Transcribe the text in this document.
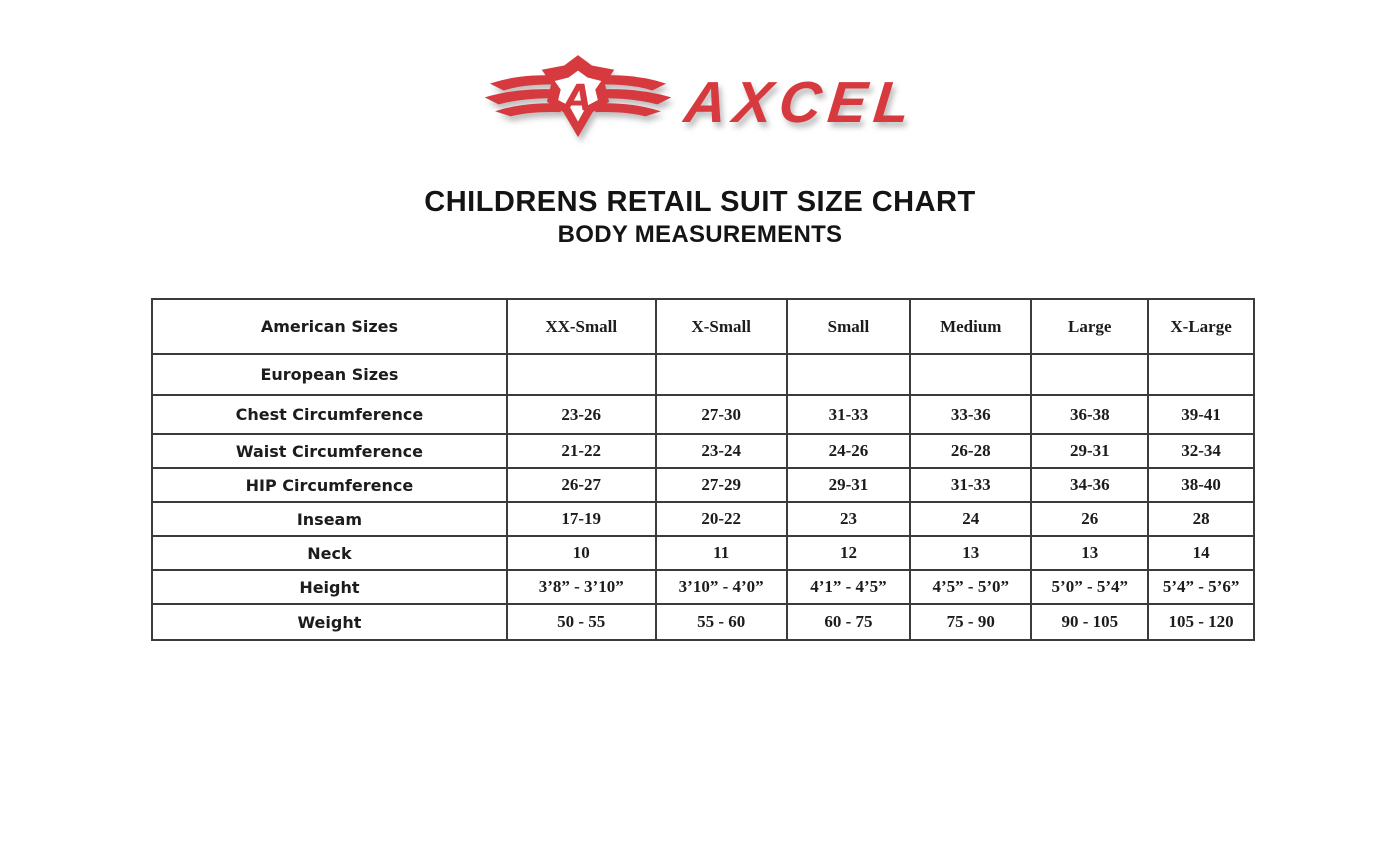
A AXCEL
CHILDRENS RETAIL SUIT SIZE CHART
BODY MEASUREMENTS
American Sizes	XX-Small	X-Small	Small	Medium	Large	X-Large
European Sizes						
Chest Circumference	23-26	27-30	31-33	33-36	36-38	39-41
Waist Circumference	21-22	23-24	24-26	26-28	29-31	32-34
HIP Circumference	26-27	27-29	29-31	31-33	34-36	38-40
Inseam	17-19	20-22	23	24	26	28
Neck	10	11	12	13	13	14
Height	3’8” - 3’10”	3’10” - 4’0”	4’1” - 4’5”	4’5” - 5’0”	5’0” - 5’4”	5’4” - 5’6”
Weight	50 - 55	55 - 60	60 - 75	75 - 90	90 - 105	105 - 120
